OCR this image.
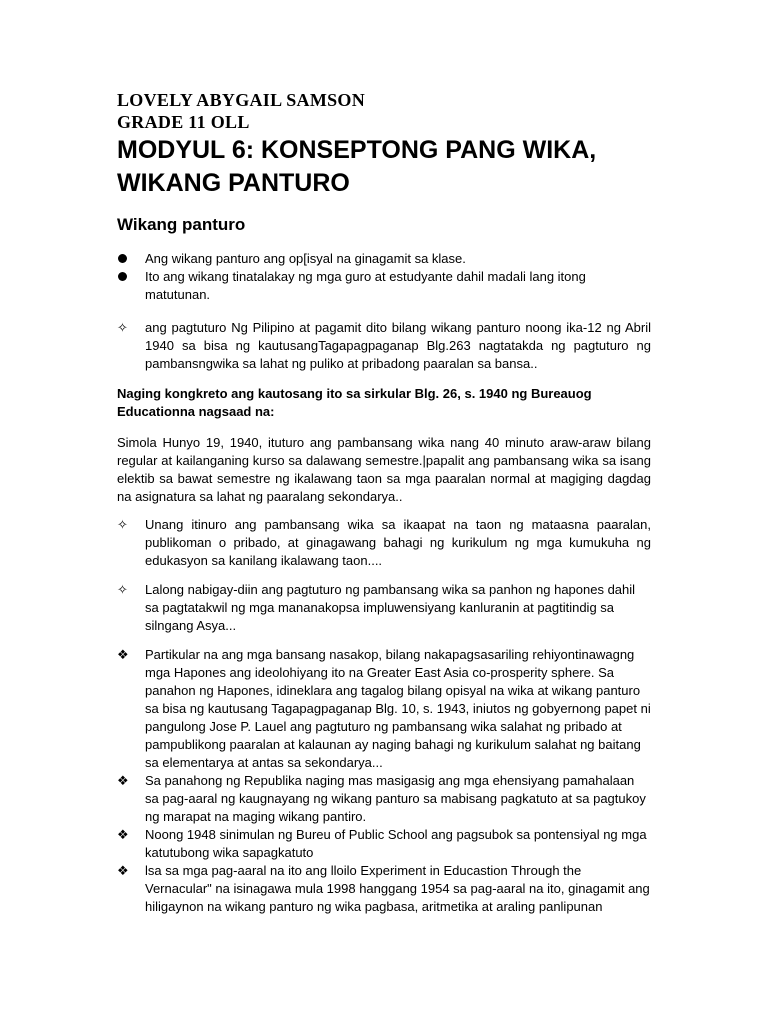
LOVELY ABYGAIL SAMSON
GRADE 11 OLL
MODYUL 6: KONSEPTONG PANG WIKA, WIKANG PANTURO
Wikang panturo
Ang wikang panturo ang op[isyal na ginagamit sa klase.
Ito ang wikang tinatalakay ng mga guro at estudyante dahil madali lang itong matutunan.
✧	ang pagtuturo Ng Pilipino at pagamit dito bilang wikang panturo noong ika-12 ng Abril 1940 sa bisa ng kautusangTagapagpaganap Blg.263 nagtatakda ng pagtuturo ng pambansngwika sa lahat ng puliko at pribadong paaralan sa bansa..

Naging kongkreto ang kautosang ito sa sirkular Blg. 26, s. 1940 ng Bureauog Educationna nagsaad na:

Simola Hunyo 19, 1940, ituturo ang pambansang wika nang 40 minuto araw-araw bilang regular at kailanganing kurso sa dalawang semestre.|papalit ang pambansang wika sa isang elektib sa bawat semestre ng ikalawang taon sa mga paaralan normal at magiging dagdag na asignatura sa lahat ng paaralang sekondarya..

✧	Unang itinuro ang pambansang wika sa ikaapat na taon ng mataasna paaralan, publikoman o pribado, at ginagawang bahagi ng kurikulum ng mga kumukuha ng edukasyon sa kanilang ikalawang taon....
✧	Lalong nabigay-diin ang pagtuturo ng pambansang wika sa panhon ng hapones dahil sa pagtatakwil ng mga mananakopsa impluwensiyang kanluranin at pagtitindig sa silngang Asya...
❖	Partikular na ang mga bansang nasakop, bilang nakapagsasariling rehiyontinawagng mga Hapones ang ideolohiyang ito na Greater East Asia co-prosperity sphere. Sa panahon ng Hapones, idineklara ang tagalog bilang opisyal na wika at wikang panturo sa bisa ng kautusang Tagapagpaganap Blg. 10, s. 1943, iniutos ng gobyernong papet ni pangulong Jose P. Lauel ang pagtuturo ng pambansang wika salahat ng pribado at pampublikong paaralan at kalaunan ay naging bahagi ng kurikulum salahat ng baitang sa elementarya at antas sa sekondarya...
❖	Sa panahong ng Republika naging mas masigasig ang mga ehensiyang pamahalaan sa pag-aaral ng kaugnayang ng wikang panturo sa mabisang pagkatuto at sa pagtukoy ng marapat na maging wikang pantiro.
❖	Noong 1948 sinimulan ng Bureu of Public School ang pagsubok sa pontensiyal ng mga katutubong wika sapagkatuto
❖	lsa sa mga pag-aaral na ito ang lloilo Experiment in Educastion Through the Vernacular" na isinagawa mula 1998 hanggang 1954 sa pag-aaral na ito, ginagamit ang hiligaynon na wikang panturo ng wika pagbasa, aritmetika at araling panlipunan
